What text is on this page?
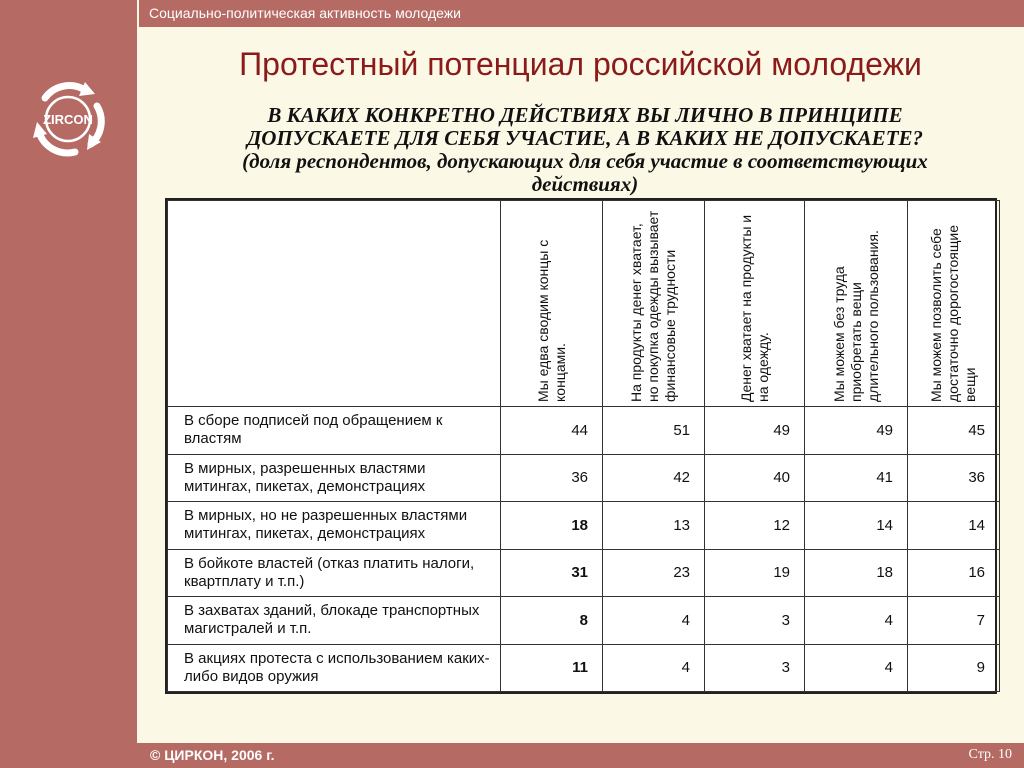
Социально-политическая активность молодежи
ZIRCON
Протестный потенциал российской молодежи
В КАКИХ КОНКРЕТНО ДЕЙСТВИЯХ ВЫ ЛИЧНО В ПРИНЦИПЕ
ДОПУСКАЕТЕ ДЛЯ СЕБЯ УЧАСТИЕ, А В КАКИХ НЕ ДОПУСКАЕТЕ?
(доля респондентов, допускающих для себя участие в соответствующих
действиях)

	Мы едва сводим концы с концами.	На продукты денег хватает, но покупка одежды вызывает финансовые трудности	Денег хватает на продукты и на одежду.	Мы можем без труда приобретать вещи длительного пользования.	Мы можем позволить себе достаточно дорогостоящие вещи

В сборе подписей под обращением к властям	44	51	49	49	45
В мирных, разрешенных властями митингах, пикетах, демонстрациях	36	42	40	41	36
В мирных, но не разрешенных властями митингах, пикетах, демонстрациях	18	13	12	14	14
В бойкоте властей (отказ платить налоги, квартплату и т.п.)	31	23	19	18	16
В захватах зданий, блокаде транспортных магистралей и т.п.	8	4	3	4	7
В акциях протеста с использованием каких-либо видов оружия	11	4	3	4	9
© ЦИРКОН, 2006 г.	Стр. 10
